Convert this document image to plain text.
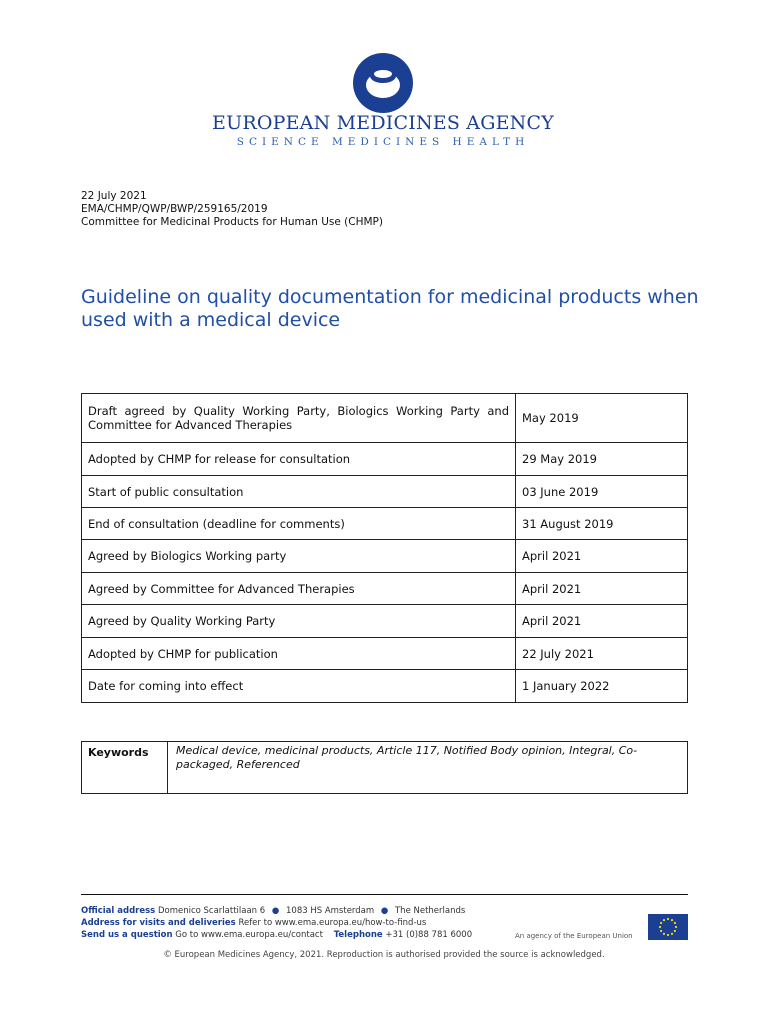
EUROPEAN MEDICINES AGENCY
SCIENCE MEDICINES HEALTH
22 July 2021
EMA/CHMP/QWP/BWP/259165/2019
Committee for Medicinal Products for Human Use (CHMP)
Guideline on quality documentation for medicinal products when used with a medical device
Draft agreed by Quality Working Party, Biologics Working Party and Committee for Advanced Therapies	May 2019
Adopted by CHMP for release for consultation	29 May 2019
Start of public consultation	03 June 2019
End of consultation (deadline for comments)	31 August 2019
Agreed by Biologics Working party	April 2021
Agreed by Committee for Advanced Therapies	April 2021
Agreed by Quality Working Party	April 2021
Adopted by CHMP for publication	22 July 2021
Date for coming into effect	1 January 2022
Keywords	Medical device, medicinal products, Article 117, Notified Body opinion, Integral, Co-packaged, Referenced
Official address Domenico Scarlattilaan 6 ● 1083 HS Amsterdam ● The Netherlands
Address for visits and deliveries Refer to www.ema.europa.eu/how-to-find-us
Send us a question Go to www.ema.europa.eu/contact Telephone +31 (0)88 781 6000	An agency of the European Union
© European Medicines Agency, 2021. Reproduction is authorised provided the source is acknowledged.
